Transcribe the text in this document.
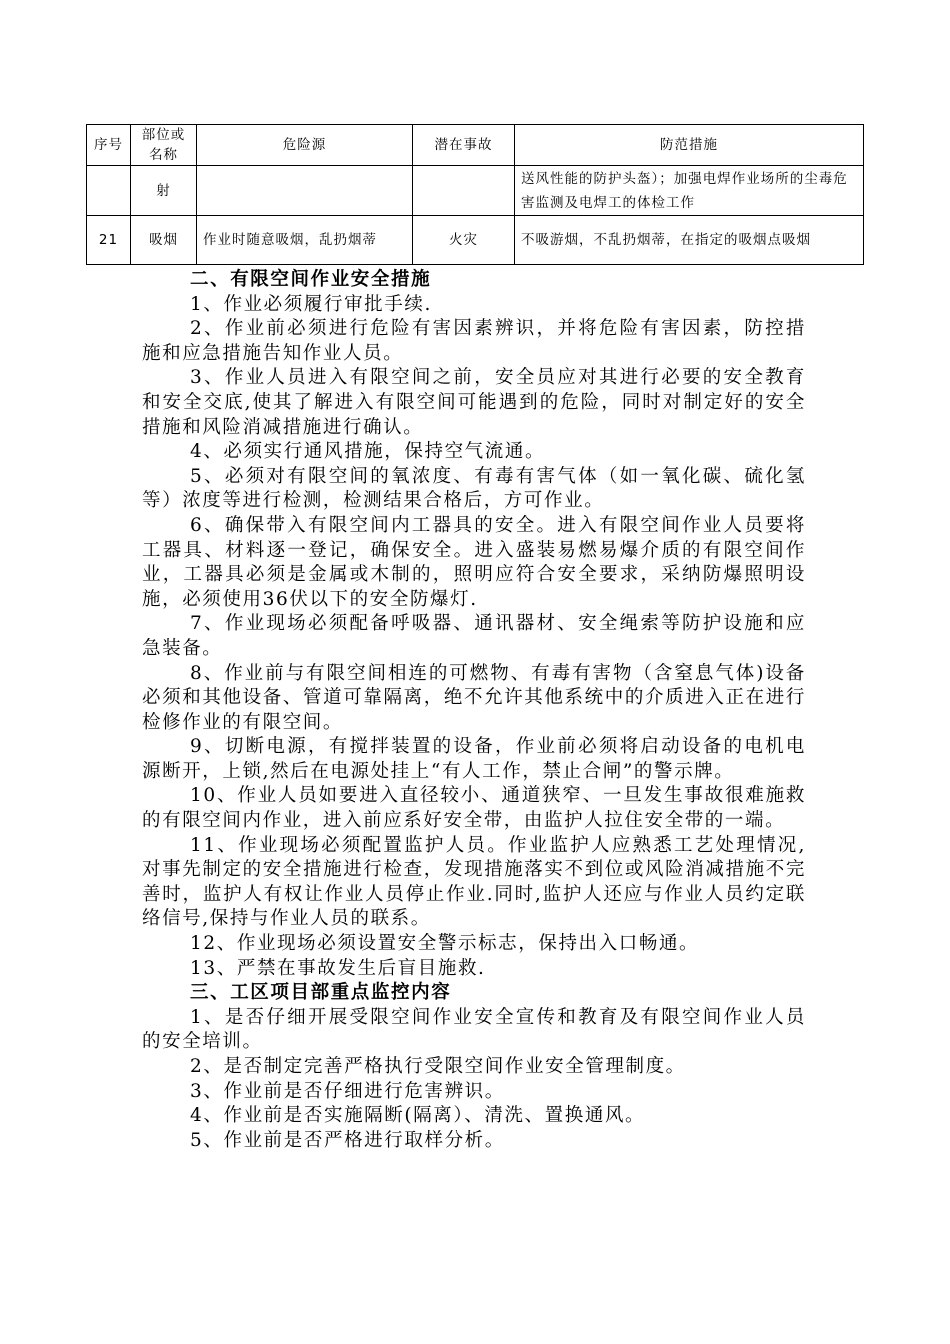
序号	部位或名称	危险源	潜在事故	防范措施
	射			送风性能的防护头盔）；加强电焊作业场所的尘毒危害监测及电焊工的体检工作
21	吸烟	作业时随意吸烟，乱扔烟蒂	火灾	不吸游烟，不乱扔烟蒂，在指定的吸烟点吸烟
二、有限空间作业安全措施

1、作业必须履行审批手续.

2、作业前必须进行危险有害因素辨识，并将危险有害因素，防控措施和应急措施告知作业人员。

3、作业人员进入有限空间之前，安全员应对其进行必要的安全教育和安全交底,使其了解进入有限空间可能遇到的危险，同时对制定好的安全措施和风险消减措施进行确认。

4、必须实行通风措施，保持空气流通。

5、必须对有限空间的氧浓度、有毒有害气体（如一氧化碳、硫化氢等）浓度等进行检测，检测结果合格后，方可作业。

6、确保带入有限空间内工器具的安全。进入有限空间作业人员要将工器具、材料逐一登记，确保安全。进入盛装易燃易爆介质的有限空间作业，工器具必须是金属或木制的，照明应符合安全要求，采纳防爆照明设施，必须使用36伏以下的安全防爆灯.

7、作业现场必须配备呼吸器、通讯器材、安全绳索等防护设施和应急装备。

8、作业前与有限空间相连的可燃物、有毒有害物（含窒息气体)设备必须和其他设备、管道可靠隔离，绝不允许其他系统中的介质进入正在进行检修作业的有限空间。

9、切断电源，有搅拌装置的设备，作业前必须将启动设备的电机电源断开，上锁,然后在电源处挂上“有人工作，禁止合闸”的警示牌。

10、作业人员如要进入直径较小、通道狭窄、一旦发生事故很难施救的有限空间内作业，进入前应系好安全带，由监护人拉住安全带的一端。

11、作业现场必须配置监护人员。作业监护人应熟悉工艺处理情况,对事先制定的安全措施进行检查，发现措施落实不到位或风险消减措施不完善时，监护人有权让作业人员停止作业.同时,监护人还应与作业人员约定联络信号,保持与作业人员的联系。

12、作业现场必须设置安全警示标志，保持出入口畅通。

13、严禁在事故发生后盲目施救.

三、工区项目部重点监控内容

1、是否仔细开展受限空间作业安全宣传和教育及有限空间作业人员的安全培训。

2、是否制定完善严格执行受限空间作业安全管理制度。

3、作业前是否仔细进行危害辨识。

4、作业前是否实施隔断(隔离）、清洗、置换通风。

5、作业前是否严格进行取样分析。
